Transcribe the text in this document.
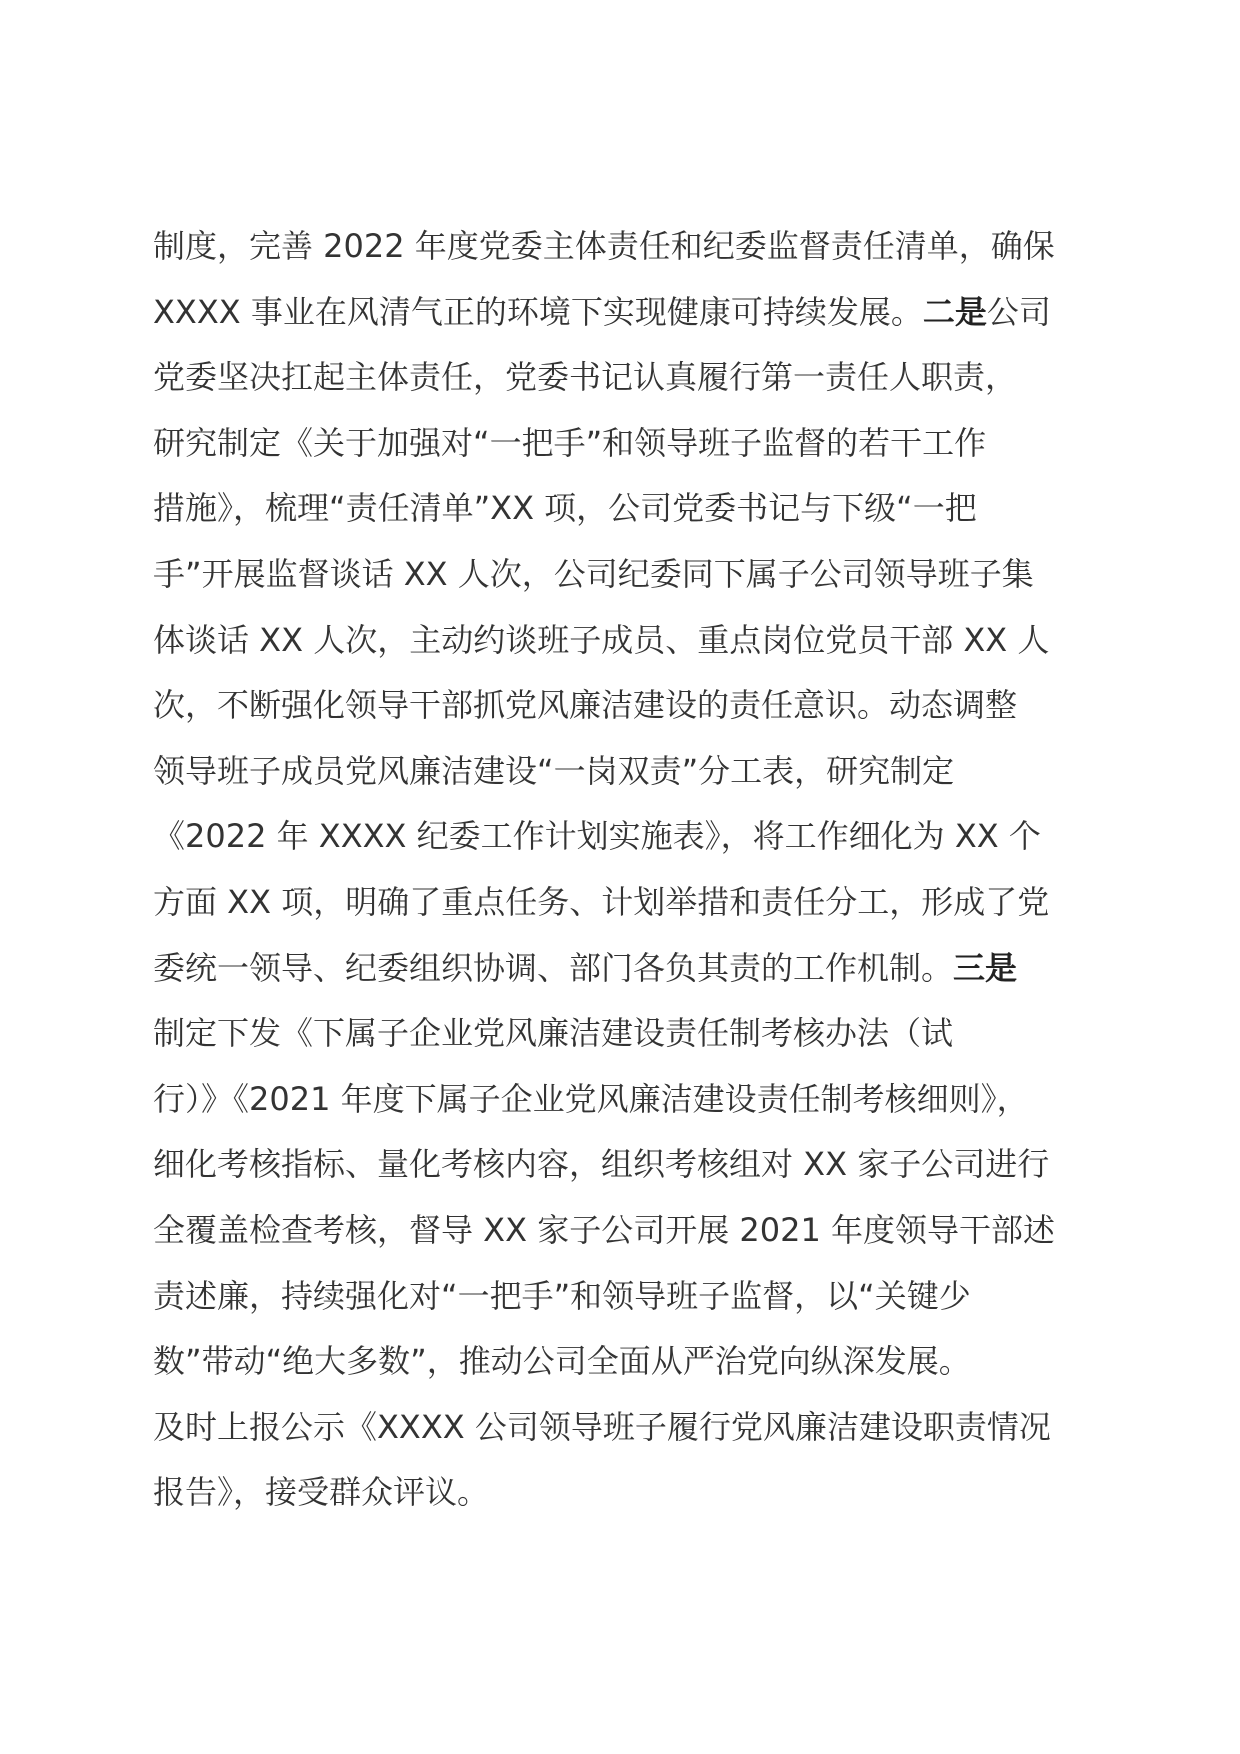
制度，完善 2022 年度党委主体责任和纪委监督责任清单，确保
XXXX 事业在风清气正的环境下实现健康可持续发展。二是公司
党委坚决扛起主体责任，党委书记认真履行第一责任人职责，
研究制定《关于加强对“一把手”和领导班子监督的若干工作
措施》，梳理“责任清单”XX 项，公司党委书记与下级“一把
手”开展监督谈话 XX 人次，公司纪委同下属子公司领导班子集
体谈话 XX 人次，主动约谈班子成员、重点岗位党员干部 XX 人
次，不断强化领导干部抓党风廉洁建设的责任意识。动态调整
领导班子成员党风廉洁建设“一岗双责”分工表，研究制定
《2022 年 XXXX 纪委工作计划实施表》，将工作细化为 XX 个
方面 XX 项，明确了重点任务、计划举措和责任分工，形成了党
委统一领导、纪委组织协调、部门各负其责的工作机制。三是
制定下发《下属子企业党风廉洁建设责任制考核办法（试
行）》《2021 年度下属子企业党风廉洁建设责任制考核细则》，
细化考核指标、量化考核内容，组织考核组对 XX 家子公司进行
全覆盖检查考核，督导 XX 家子公司开展 2021 年度领导干部述
责述廉，持续强化对“一把手”和领导班子监督，以“关键少
数”带动“绝大多数”，推动公司全面从严治党向纵深发展。
及时上报公示《XXXX 公司领导班子履行党风廉洁建设职责情况
报告》，接受群众评议。
